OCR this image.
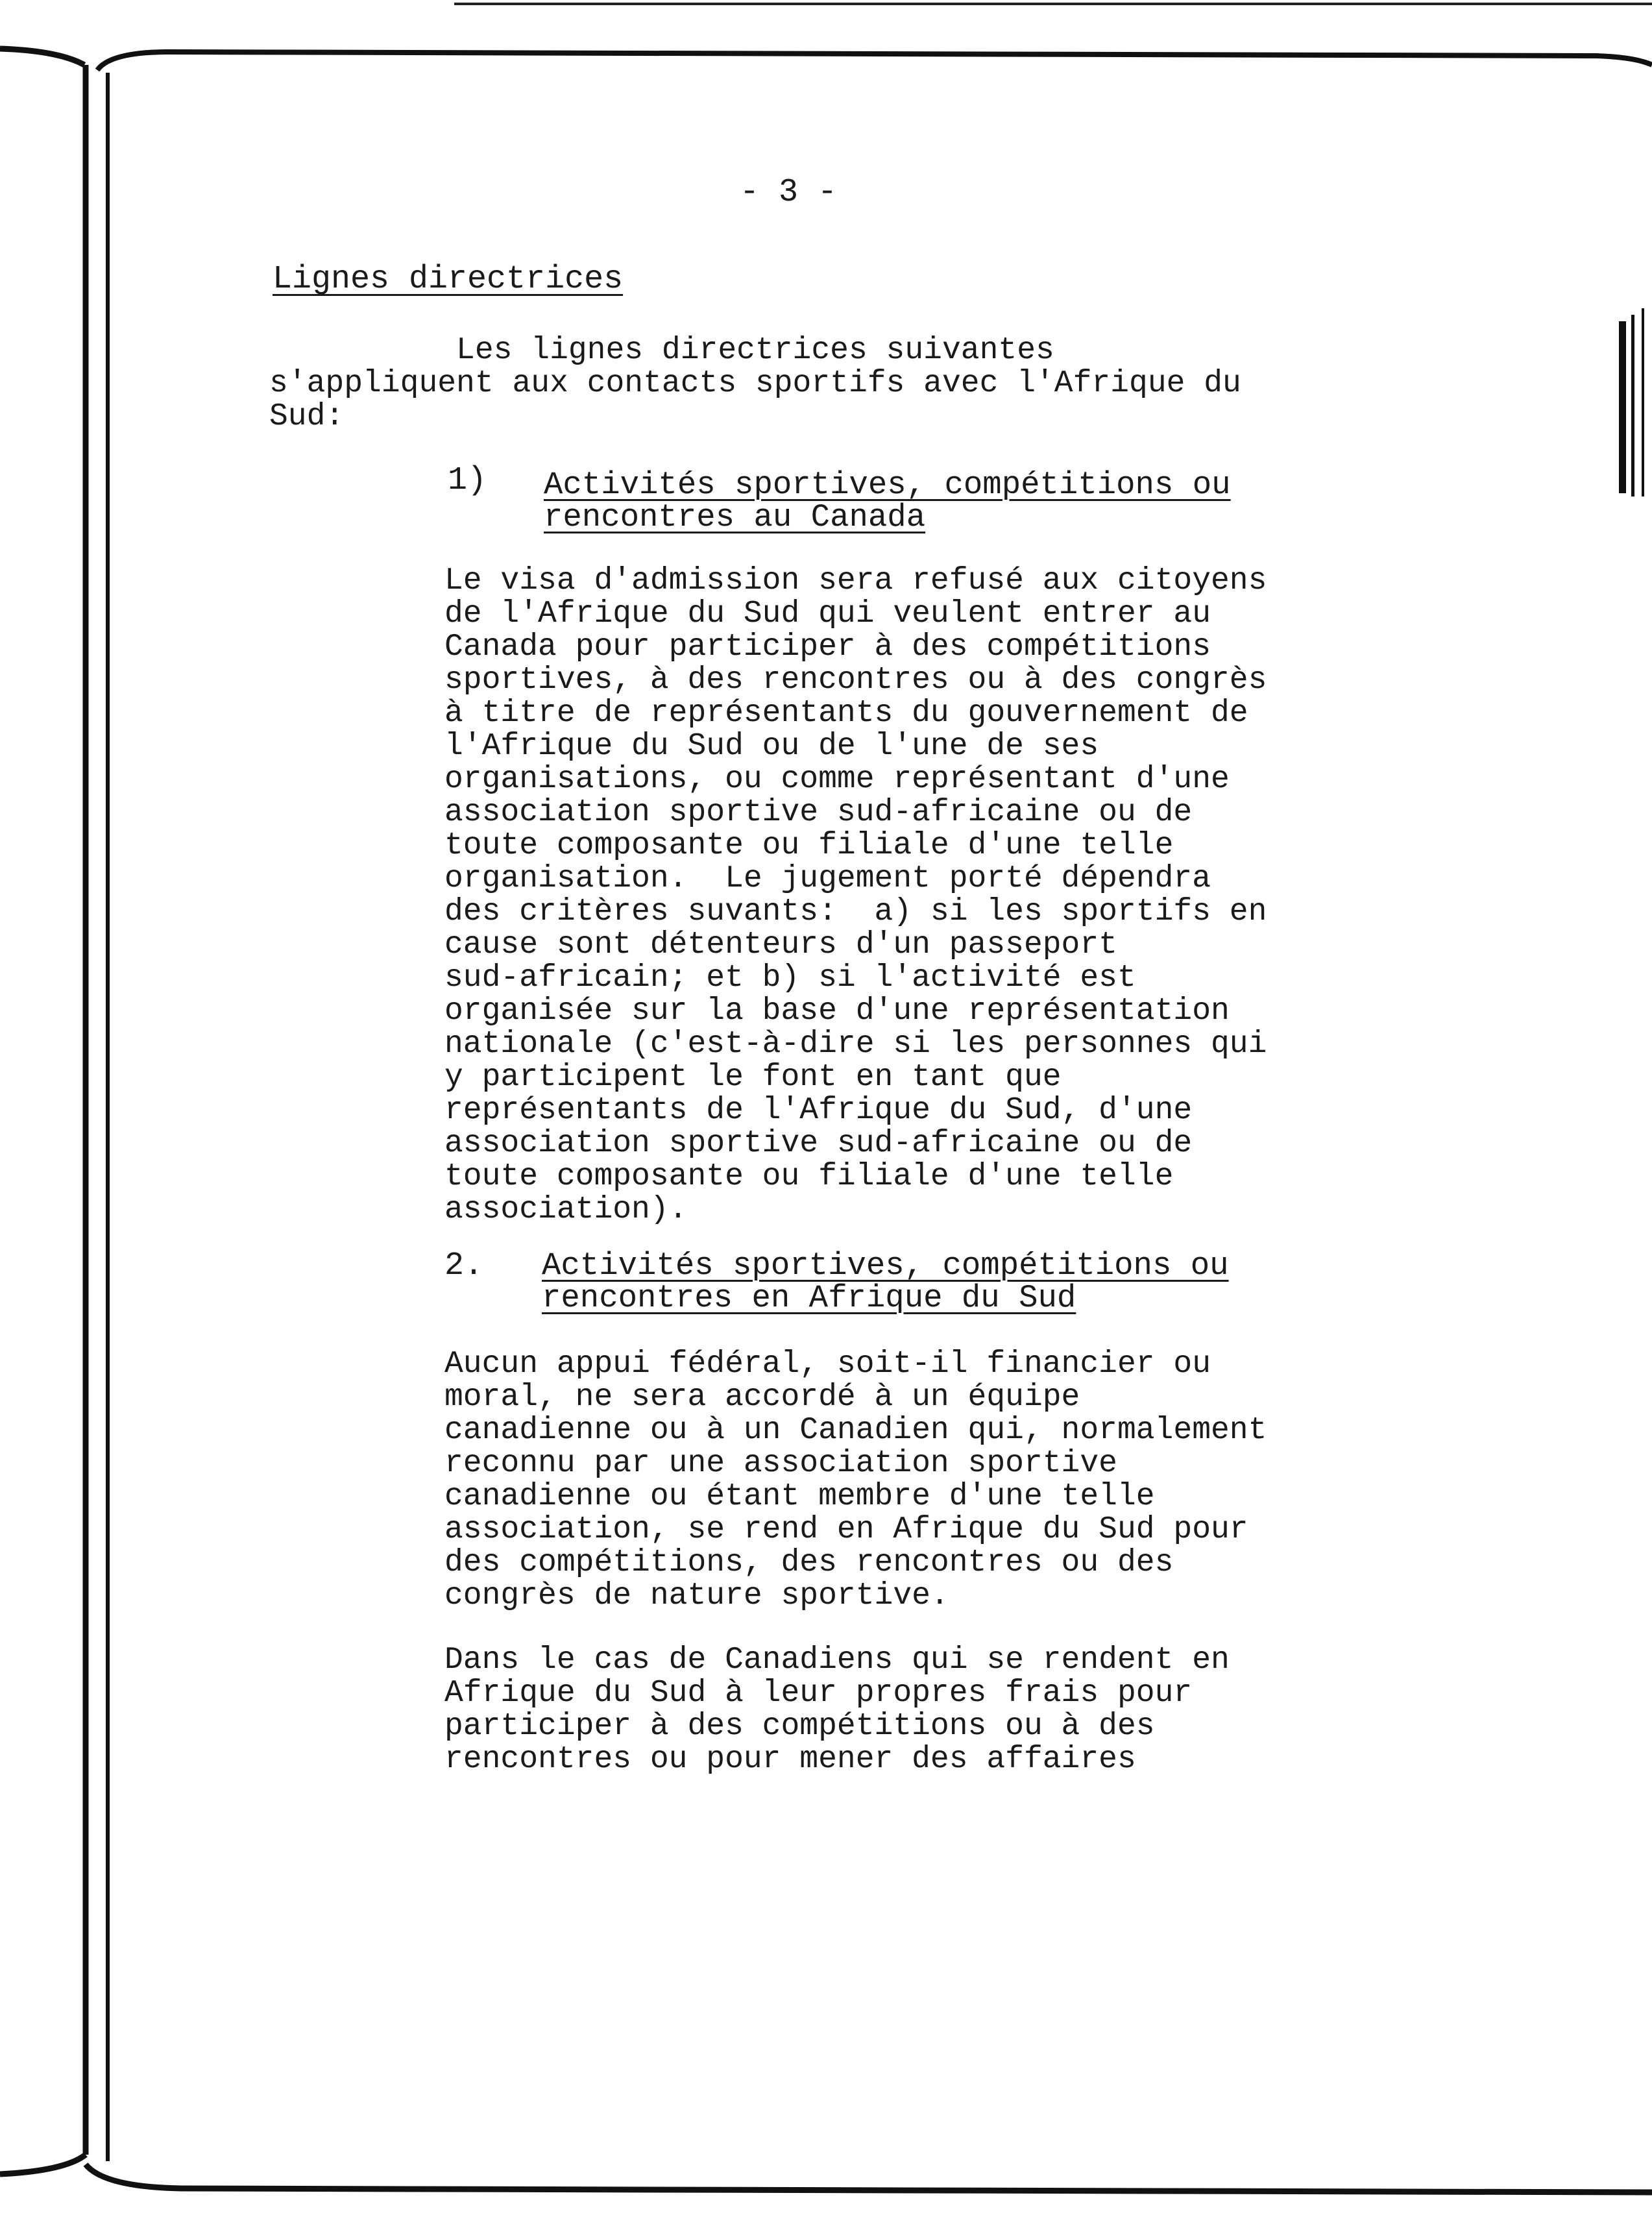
- 3 -
Lignes directrices
Les lignes directrices suivantes
s'appliquent aux contacts sportifs avec l'Afrique du
Sud:
1) Activités sportives, compétitions ou
rencontres au Canada
Le visa d'admission sera refusé aux citoyens
de l'Afrique du Sud qui veulent entrer au
Canada pour participer à des compétitions
sportives, à des rencontres ou à des congrès
à titre de représentants du gouvernement de
l'Afrique du Sud ou de l'une de ses
organisations, ou comme représentant d'une
association sportive sud-africaine ou de
toute composante ou filiale d'une telle
organisation.  Le jugement porté dépendra
des critères suvants:  a) si les sportifs en
cause sont détenteurs d'un passeport
sud-africain; et b) si l'activité est
organisée sur la base d'une représentation
nationale (c'est-à-dire si les personnes qui
y participent le font en tant que
représentants de l'Afrique du Sud, d'une
association sportive sud-africaine ou de
toute composante ou filiale d'une telle
association).
2. Activités sportives, compétitions ou
rencontres en Afrique du Sud
Aucun appui fédéral, soit-il financier ou
moral, ne sera accordé à un équipe
canadienne ou à un Canadien qui, normalement
reconnu par une association sportive
canadienne ou étant membre d'une telle
association, se rend en Afrique du Sud pour
des compétitions, des rencontres ou des
congrès de nature sportive.
Dans le cas de Canadiens qui se rendent en
Afrique du Sud à leur propres frais pour
participer à des compétitions ou à des
rencontres ou pour mener des affaires
